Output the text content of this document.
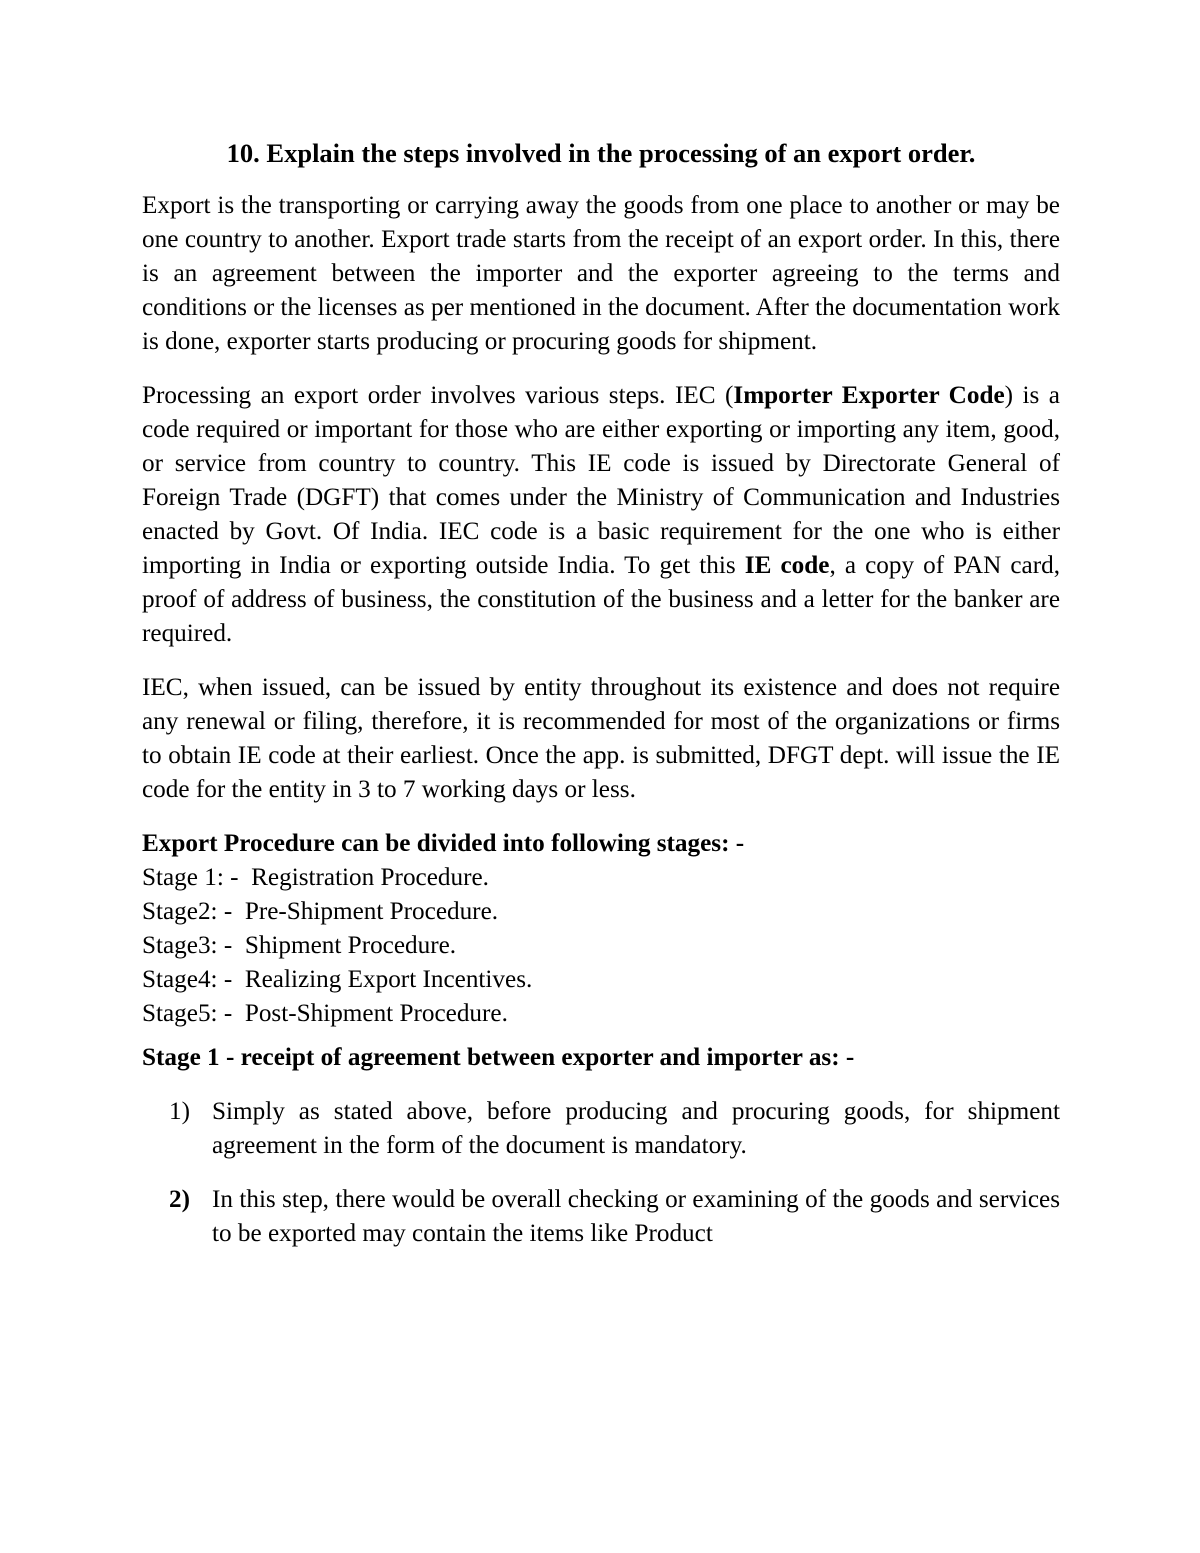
10. Explain the steps involved in the processing of an export order.

Export is the transporting or carrying away the goods from one place to another or may be one country to another. Export trade starts from the receipt of an export order. In this, there is an agreement between the importer and the exporter agreeing to the terms and conditions or the licenses as per mentioned in the document. After the documentation work is done, exporter starts producing or procuring goods for shipment.

Processing an export order involves various steps. IEC (Importer Exporter Code) is a code required or important for those who are either exporting or importing any item, good, or service from country to country. This IE code is issued by Directorate General of Foreign Trade (DGFT) that comes under the Ministry of Communication and Industries enacted by Govt. Of India. IEC code is a basic requirement for the one who is either importing in India or exporting outside India. To get this IE code, a copy of PAN card, proof of address of business, the constitution of the business and a letter for the banker are required.

IEC, when issued, can be issued by entity throughout its existence and does not require any renewal or filing, therefore, it is recommended for most of the organizations or firms to obtain IE code at their earliest. Once the app. is submitted, DFGT dept. will issue the IE code for the entity in 3 to 7 working days or less.

Export Procedure can be divided into following stages: -
Stage 1: -  Registration Procedure.
Stage2: -  Pre-Shipment Procedure.
Stage3: -  Shipment Procedure.
Stage4: -  Realizing Export Incentives.
Stage5: -  Post-Shipment Procedure.
Stage 1 - receipt of agreement between exporter and importer as: -
1) Simply as stated above, before producing and procuring goods, for shipment agreement in the form of the document is mandatory.
2) In this step, there would be overall checking or examining of the goods and services to be exported may contain the items like Product
